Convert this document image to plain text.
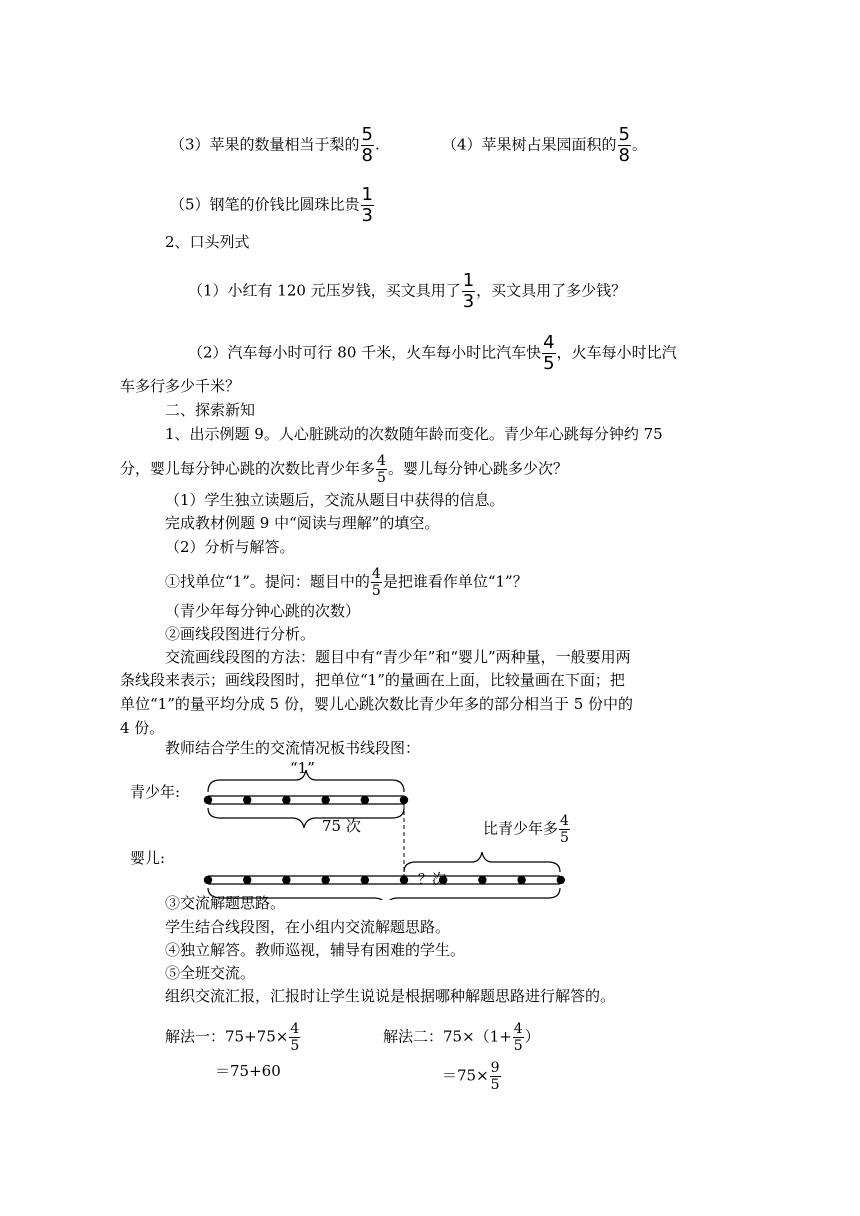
（3）苹果的数量相当于梨的 $\frac{5}{8}$ .	（4）苹果树占果园面积的 $\frac{5}{8}$ 。
（5）钢笔的价钱比圆珠比贵 $\frac{1}{3}$
2、口头列式
（1）小红有 120 元压岁钱，买文具用了 $\frac{1}{3}$ ，买文具用了多少钱？
（2）汽车每小时可行 80 千米，火车每小时比汽车快 $\frac{4}{5}$ ，火车每小时比汽
车多行多少千米？
二、探索新知
1、出示例题 9。人心脏跳动的次数随年龄而变化。青少年心跳每分钟约 75
分，婴儿每分钟心跳的次数比青少年多 $\frac{4}{5}$ 。婴儿每分钟心跳多少次？
（1）学生独立读题后，交流从题目中获得的信息。
完成教材例题 9 中“阅读与理解”的填空。
（2）分析与解答。
①找单位“1”。提问：题目中的 $\frac{4}{5}$ 是把谁看作单位“1”？
（青少年每分钟心跳的次数）
②画线段图进行分析。
交流画线段图的方法：题目中有“青少年”和“婴儿”两种量，一般要用两
条线段来表示；画线段图时，把单位“1”的量画在上面，比较量画在下面；把
单位“1”的量平均分成 5 份，婴儿心跳次数比青少年多的部分相当于 5 份中的
4 份。
教师结合学生的交流情况板书线段图：
“1”
青少年:
75 次	比青少年多 $\frac{4}{5}$
婴儿:
？次
③交流解题思路。
学生结合线段图，在小组内交流解题思路。
④独立解答。教师巡视，辅导有困难的学生。
⑤全班交流。
组织交流汇报，汇报时让学生说说是根据哪种解题思路进行解答的。
解法一：$75+75\times \frac{4}{5}$	解法二：$75\times(1+ \frac{4}{5}$ ）
＝75+60	$=75\times \frac{9}{5}$
